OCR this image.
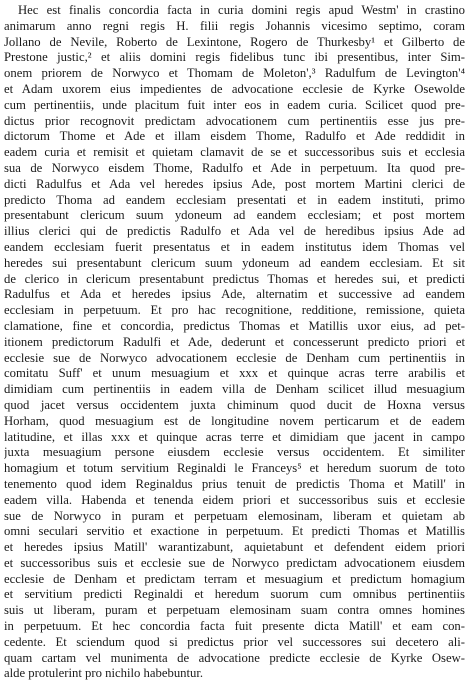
Hec est finalis concordia facta in curia domini regis apud Westm' in crastino
animarum anno regni regis H. filii regis Johannis vicesimo septimo, coram
Jollano de Nevile, Roberto de Lexintone, Rogero de Thurkesby¹ et Gilberto de
Prestone justic,² et aliis domini regis fidelibus tunc ibi presentibus, inter Sim-
onem priorem de Norwyco et Thomam de Moleton',³ Radulfum de Levington'⁴
et Adam uxorem eius impedientes de advocatione ecclesie de Kyrke Osewolde
cum pertinentiis, unde placitum fuit inter eos in eadem curia. Scilicet quod pre-
dictus prior recognovit predictam advocationem cum pertinentiis esse jus pre-
dictorum Thome et Ade et illam eisdem Thome, Radulfo et Ade reddidit in
eadem curia et remisit et quietam clamavit de se et successoribus suis et ecclesia
sua de Norwyco eisdem Thome, Radulfo et Ade in perpetuum. Ita quod pre-
dicti Radulfus et Ada vel heredes ipsius Ade, post mortem Martini clerici de
predicto Thoma ad eandem ecclesiam presentati et in eadem instituti, primo
presentabunt clericum suum ydoneum ad eandem ecclesiam; et post mortem
illius clerici qui de predictis Radulfo et Ada vel de heredibus ipsius Ade ad
eandem ecclesiam fuerit presentatus et in eadem institutus idem Thomas vel
heredes sui presentabunt clericum suum ydoneum ad eandem ecclesiam. Et sit
de clerico in clericum presentabunt predictus Thomas et heredes sui, et predicti
Radulfus et Ada et heredes ipsius Ade, alternatim et successive ad eandem
ecclesiam in perpetuum. Et pro hac recognitione, redditione, remissione, quieta
clamatione, fine et concordia, predictus Thomas et Matillis uxor eius, ad pet-
itionem predictorum Radulfi et Ade, dederunt et concesserunt predicto priori et
ecclesie sue de Norwyco advocationem ecclesie de Denham cum pertinentiis in
comitatu Suff' et unum mesuagium et xxx et quinque acras terre arabilis et
dimidiam cum pertinentiis in eadem villa de Denham scilicet illud mesuagium
quod jacet versus occidentem juxta chiminum quod ducit de Hoxna versus
Horham, quod mesuagium est de longitudine novem perticarum et de eadem
latitudine, et illas xxx et quinque acras terre et dimidiam que jacent in campo
juxta mesuagium persone eiusdem ecclesie versus occidentem. Et similiter
homagium et totum servitium Reginaldi le Franceys⁵ et heredum suorum de toto
tenemento quod idem Reginaldus prius tenuit de predictis Thoma et Matill' in
eadem villa. Habenda et tenenda eidem priori et successoribus suis et ecclesie
sue de Norwyco in puram et perpetuam elemosinam, liberam et quietam ab
omni seculari servitio et exactione in perpetuum. Et predicti Thomas et Matillis
et heredes ipsius Matill' warantizabunt, aquietabunt et defendent eidem priori
et successoribus suis et ecclesie sue de Norwyco predictam advocationem eiusdem
ecclesie de Denham et predictam terram et mesuagium et predictum homagium
et servitium predicti Reginaldi et heredum suorum cum omnibus pertinentiis
suis ut liberam, puram et perpetuam elemosinam suam contra omnes homines
in perpetuum. Et hec concordia facta fuit presente dicta Matill' et eam con-
cedente. Et sciendum quod si predictus prior vel successores sui decetero ali-
quam cartam vel munimenta de advocatione predicte ecclesie de Kyrke Osew-
alde protulerint pro nichilo habebuntur.
